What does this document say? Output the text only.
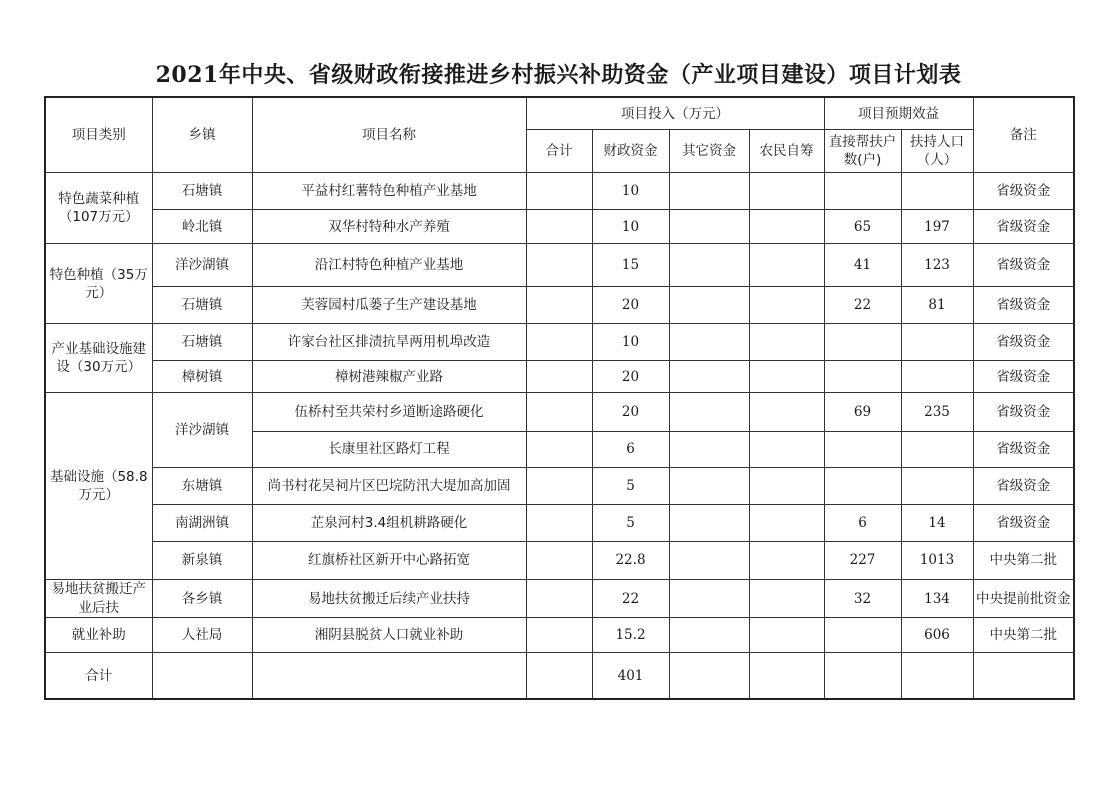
2021年中央、省级财政衔接推进乡村振兴补助资金（产业项目建设）项目计划表
项目类别	乡镇	项目名称	项目投入（万元）				项目预期效益		备注
			合计	财政资金	其它资金	农民自筹	直接帮扶户数(户)	扶持人口（人）	
特色蔬菜种植（107万元）	石塘镇	平益村红薯特色种植产业基地		10					省级资金
	岭北镇	双华村特种水产养殖		10			65	197	省级资金
特色种植（35万元）	洋沙湖镇	沿江村特色种植产业基地		15			41	123	省级资金
	石塘镇	芙蓉园村瓜蒌子生产建设基地		20			22	81	省级资金
产业基础设施建设（30万元）	石塘镇	许家台社区排渍抗旱两用机埠改造		10					省级资金
	樟树镇	樟树港辣椒产业路		20					省级资金
基础设施（58.8万元）	洋沙湖镇	伍桥村至共荣村乡道断途路硬化		20			69	235	省级资金
		长康里社区路灯工程		6					省级资金
	东塘镇	尚书村花吴祠片区巴垸防汛大堤加高加固		5					省级资金
	南湖洲镇	芷泉河村3.4组机耕路硬化		5			6	14	省级资金
	新泉镇	红旗桥社区新开中心路拓宽		22.8			227	1013	中央第二批
易地扶贫搬迁产业后扶	各乡镇	易地扶贫搬迁后续产业扶持		22			32	134	中央提前批资金
就业补助	人社局	湘阴县脱贫人口就业补助		15.2				606	中央第二批
合计				401					
